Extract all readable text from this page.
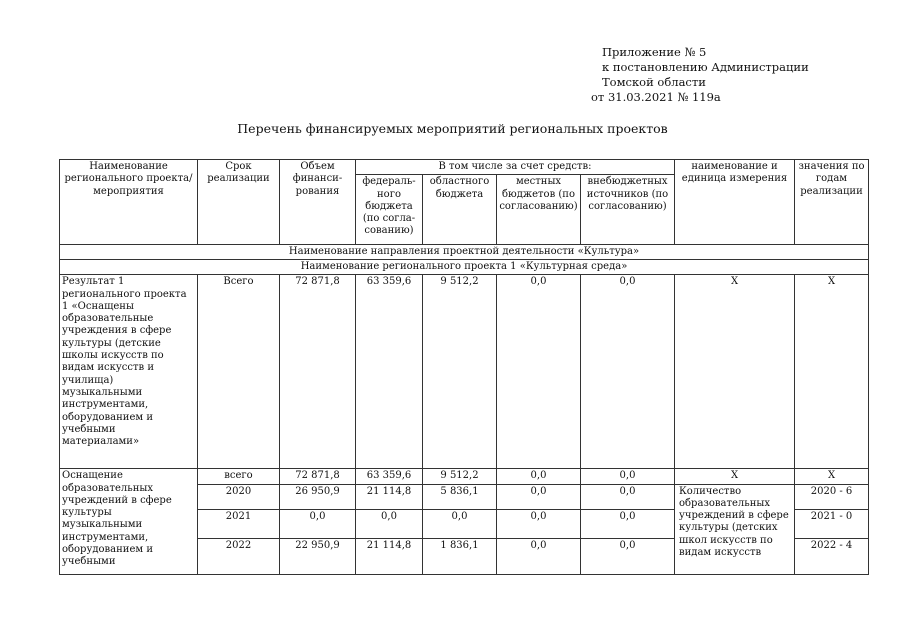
Приложение № 5
к постановлению Администрации
Томской области
от 31.03.2021 № 119а
Перечень финансируемых мероприятий региональных проектов
Наименование регионального проекта/ мероприятия	Срок реализации	Объем финанси-рования	В том числе за счет средств:				наименование и единица измерения	значения по годам реализации
			федераль-ного бюджета (по согла-сованию)	областного бюджета	местных бюджетов (по согласованию)	внебюджетных источников (по согласованию)		
Наименование направления проектной деятельности «Культура»								
Наименование регионального проекта 1 «Культурная среда»								
Результат 1 регионального проекта 1 «Оснащены образовательные учреждения в сфере культуры (детские школы искусств по видам искусств и училища) музыкальными инструментами, оборудованием и учебными материалами»	Всего	72 871,8	63 359,6	9 512,2	0,0	0,0	Х	Х
Оснащение образовательных учреждений в сфере культуры музыкальными инструментами, оборудованием и учебными	всего	72 871,8	63 359,6	9 512,2	0,0	0,0	Х	Х
	2020	26 950,9	21 114,8	5 836,1	0,0	0,0	Количество образовательных учреждений в сфере культуры (детских школ искусств по видам искусств	2020 - 6
	2021	0,0	0,0	0,0	0,0	0,0		2021 - 0
	2022	22 950,9	21 114,8	1 836,1	0,0	0,0		2022 - 4
